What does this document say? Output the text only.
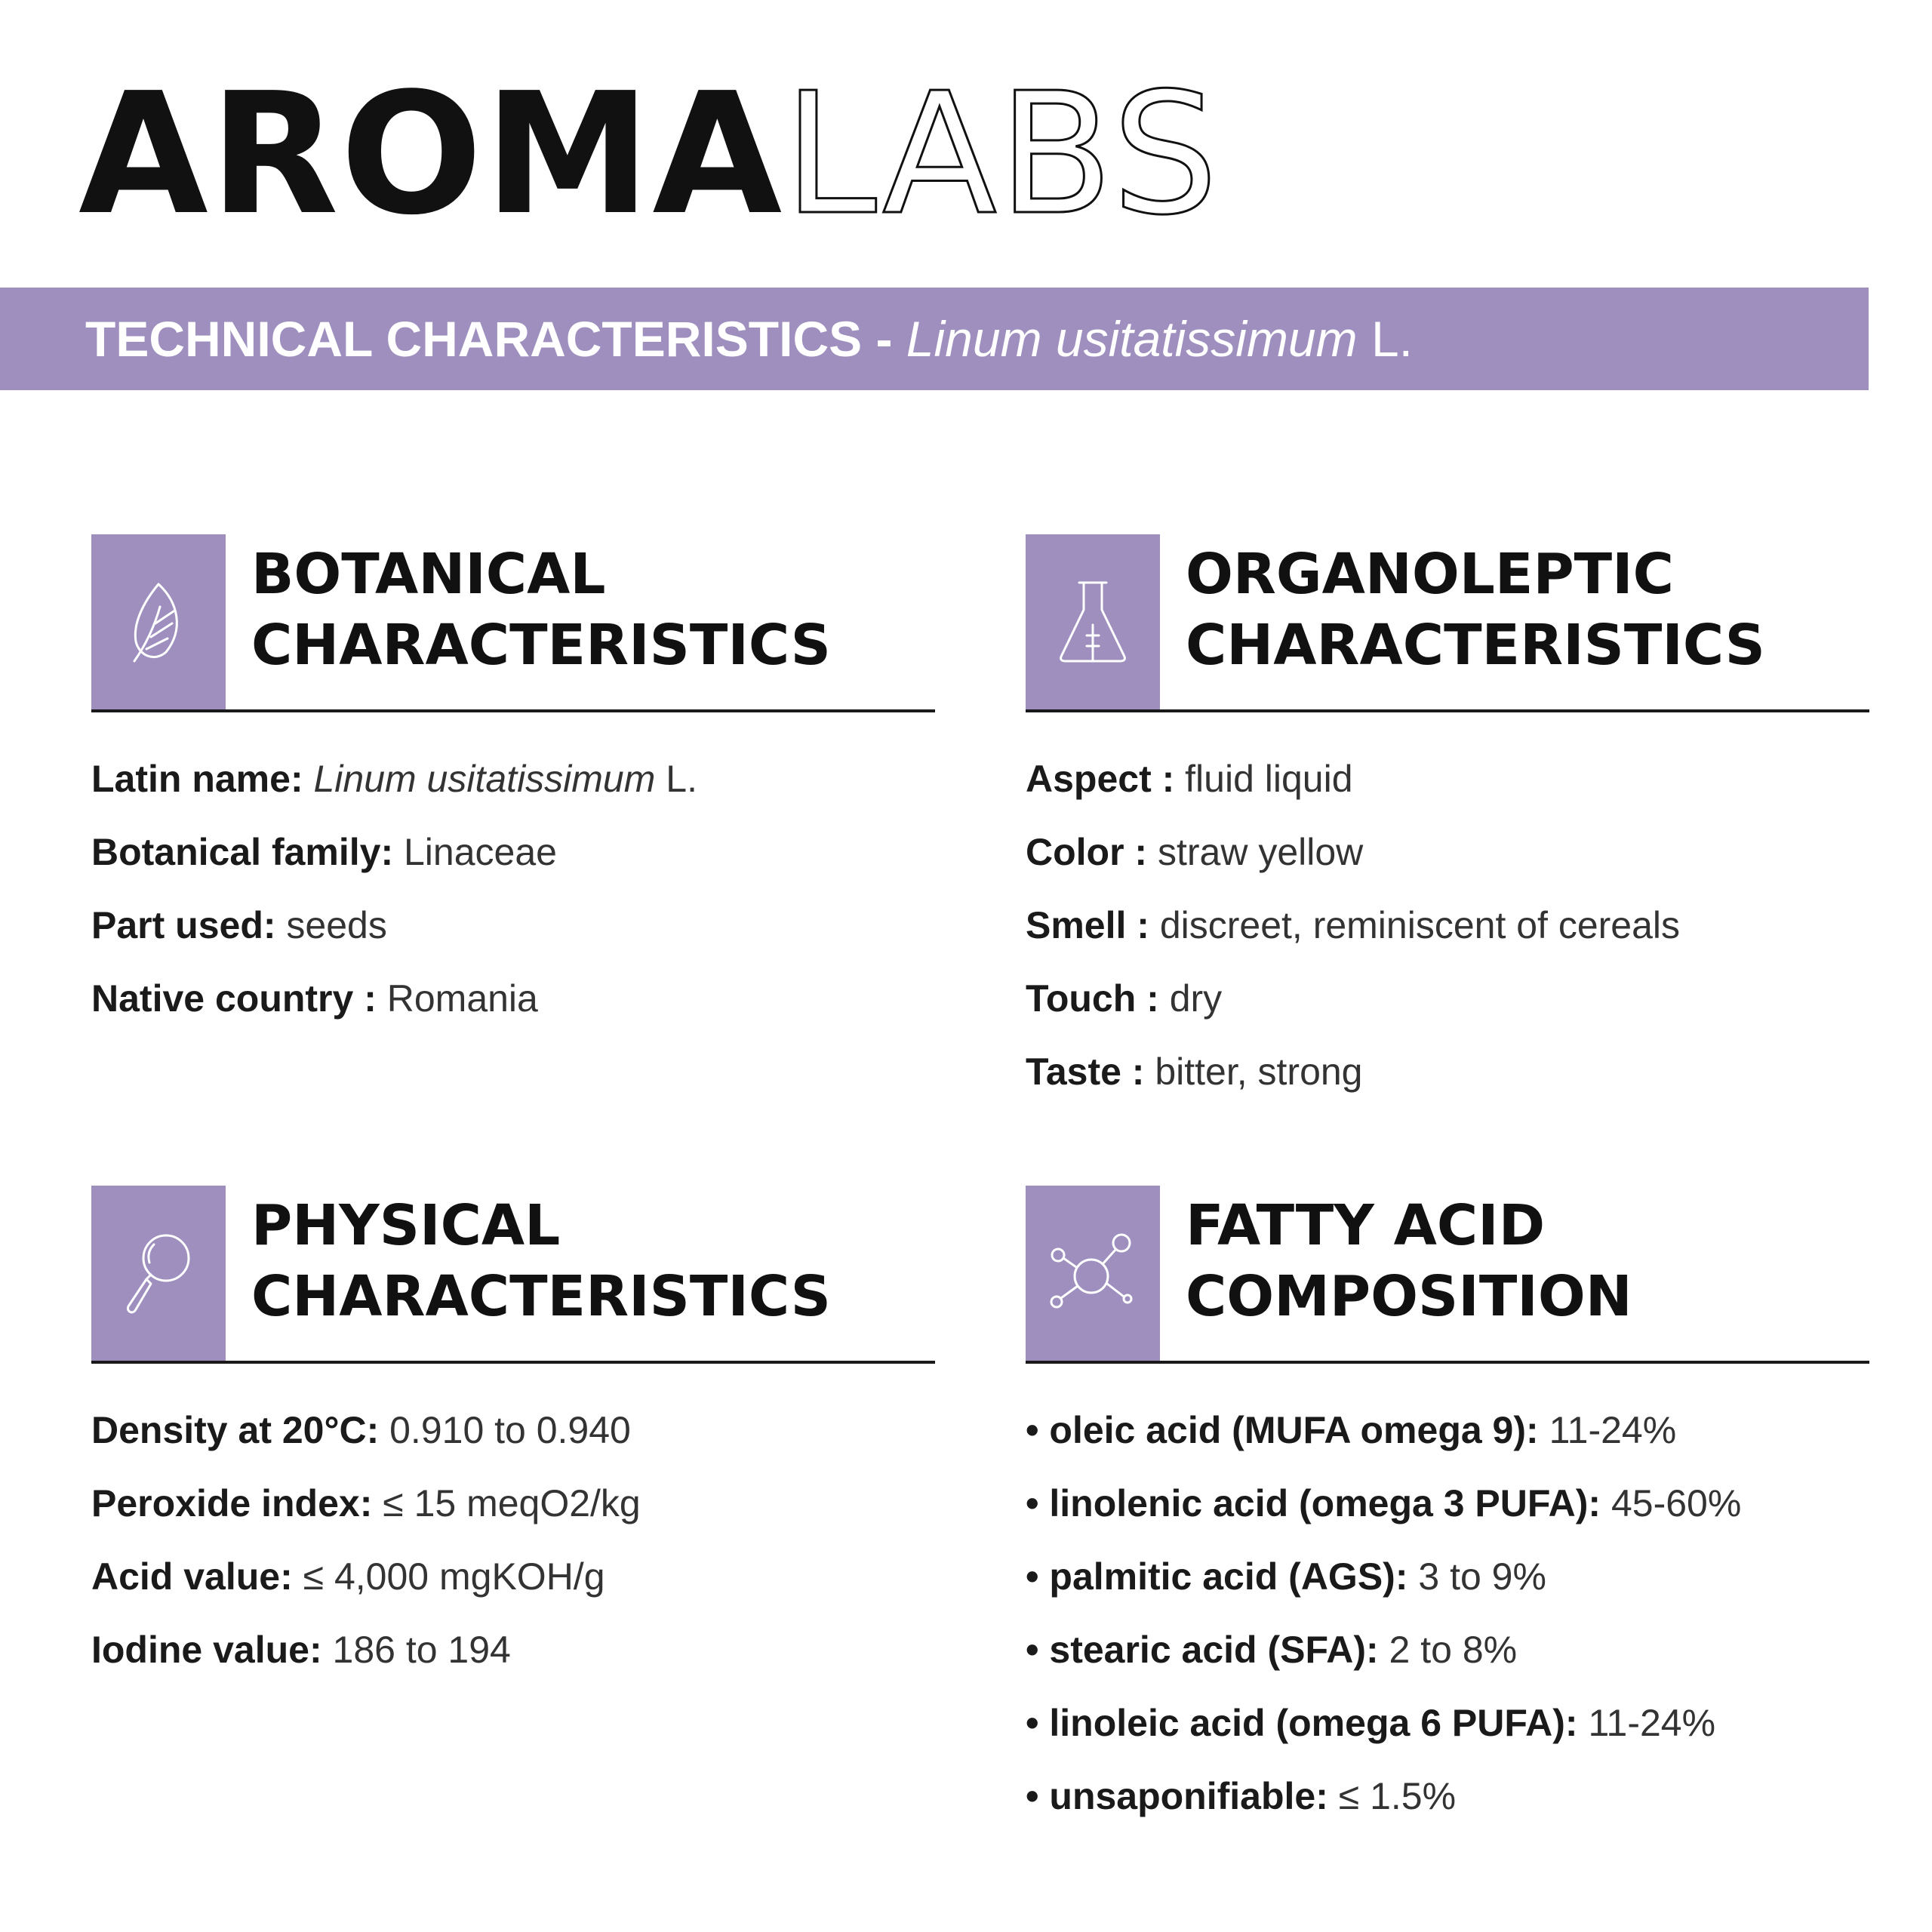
AROMALABS
TECHNICAL CHARACTERISTICS - Linum usitatissimum L.
BOTANICAL
CHARACTERISTICS
Latin name: Linum usitatissimum L.
Botanical family: Linaceae
Part used: seeds
Native country : Romania
ORGANOLEPTIC
CHARACTERISTICS
Aspect : fluid liquid
Color : straw yellow
Smell : discreet, reminiscent of cereals
Touch : dry
Taste : bitter, strong
PHYSICAL
CHARACTERISTICS
Density at 20°C: 0.910 to 0.940
Peroxide index: ≤ 15 meqO2/kg
Acid value: ≤ 4,000 mgKOH/g
Iodine value: 186 to 194
FATTY ACID
COMPOSITION
• oleic acid (MUFA omega 9): 11-24%
• linolenic acid (omega 3 PUFA): 45-60%
• palmitic acid (AGS): 3 to 9%
• stearic acid (SFA): 2 to 8%
• linoleic acid (omega 6 PUFA): 11-24%
• unsaponifiable: ≤ 1.5%
